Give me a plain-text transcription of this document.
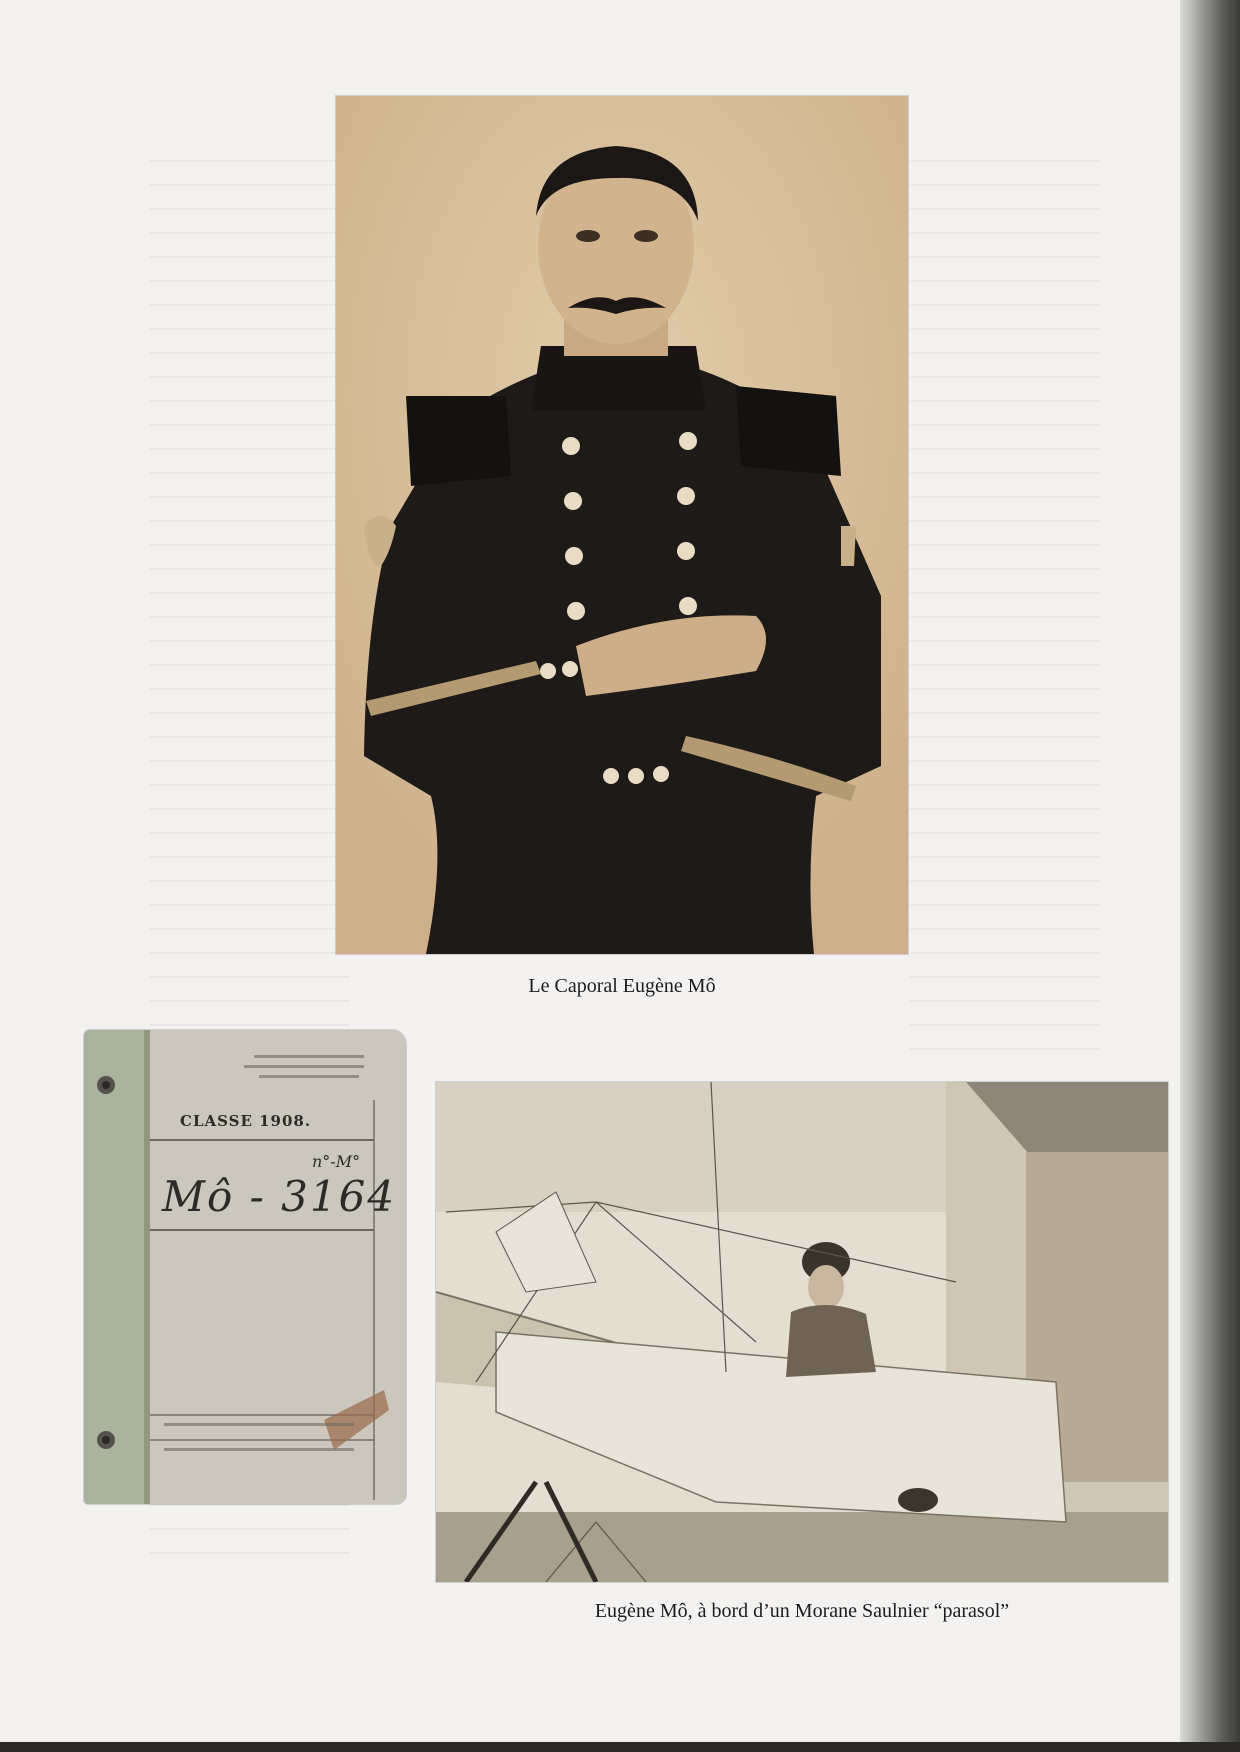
Le Caporal Eugène Mô
CLASSE 1908.
n°-M°
Mô - 3164
Eugène Mô, à bord d’un Morane Saulnier “parasol”
